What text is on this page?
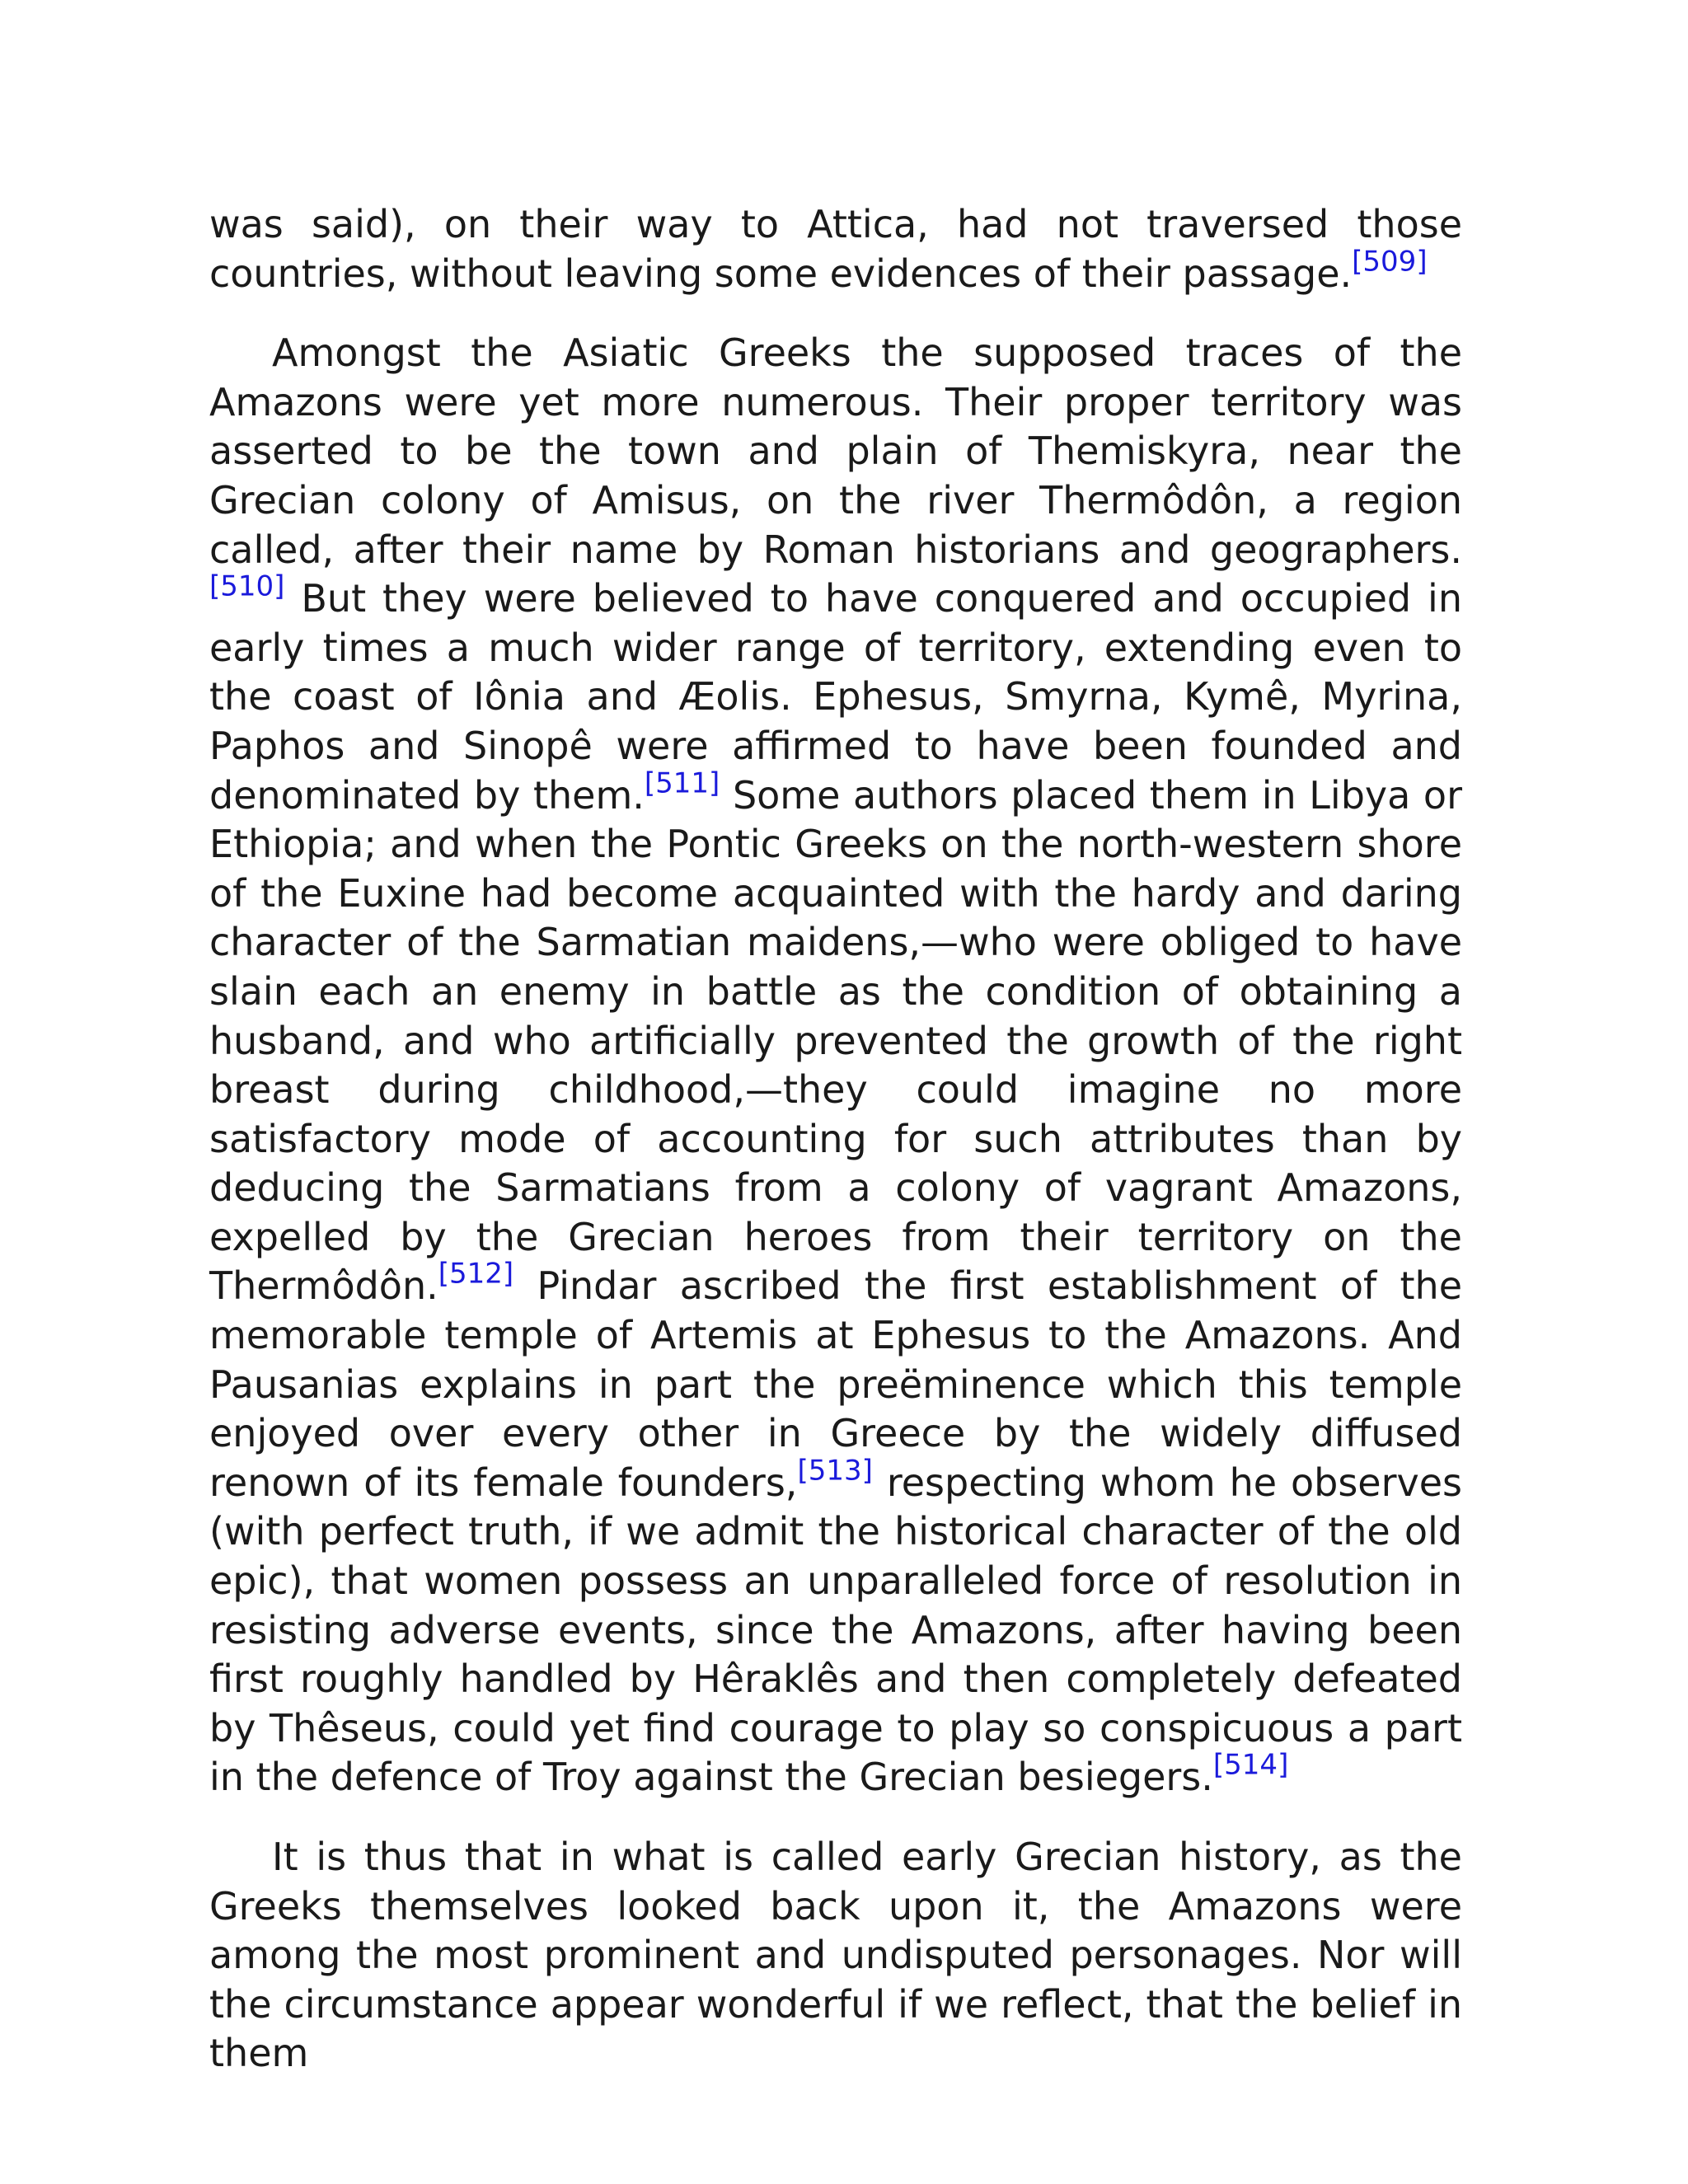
was said), on their way to Attica, had not traversed those countries, without leaving some evidences of their passage.[509]

Amongst the Asiatic Greeks the supposed traces of the Amazons were yet more numerous. Their proper territory was asserted to be the town and plain of Themiskyra, near the Grecian colony of Amisus, on the river Thermôdôn, a region called, after their name by Roman historians and geographers.[510] But they were believed to have conquered and occupied in early times a much wider range of territory, extending even to the coast of Iônia and Æolis. Ephesus, Smyrna, Kymê, Myrina, Paphos and Sinopê were affirmed to have been founded and denominated by them.[511] Some authors placed them in Libya or Ethiopia; and when the Pontic Greeks on the north-western shore of the Euxine had become acquainted with the hardy and daring character of the Sarmatian maidens,—who were obliged to have slain each an enemy in battle as the condition of obtaining a husband, and who artificially prevented the growth of the right breast during childhood,—they could imagine no more satisfactory mode of accounting for such attributes than by deducing the Sarmatians from a colony of vagrant Amazons, expelled by the Grecian heroes from their territory on the Thermôdôn.[512] Pindar ascribed the first establishment of the memorable temple of Artemis at Ephesus to the Amazons. And Pausanias explains in part the preëminence which this temple enjoyed over every other in Greece by the widely diffused renown of its female founders,[513] respecting whom he observes (with perfect truth, if we admit the historical character of the old epic), that women possess an unparalleled force of resolution in resisting adverse events, since the Amazons, after having been first roughly handled by Hêraklês and then completely defeated by Thêseus, could yet find courage to play so conspicuous a part in the defence of Troy against the Grecian besiegers.[514]

It is thus that in what is called early Grecian history, as the Greeks themselves looked back upon it, the Amazons were among the most prominent and undisputed personages. Nor will the circumstance appear wonderful if we reflect, that the belief in them
